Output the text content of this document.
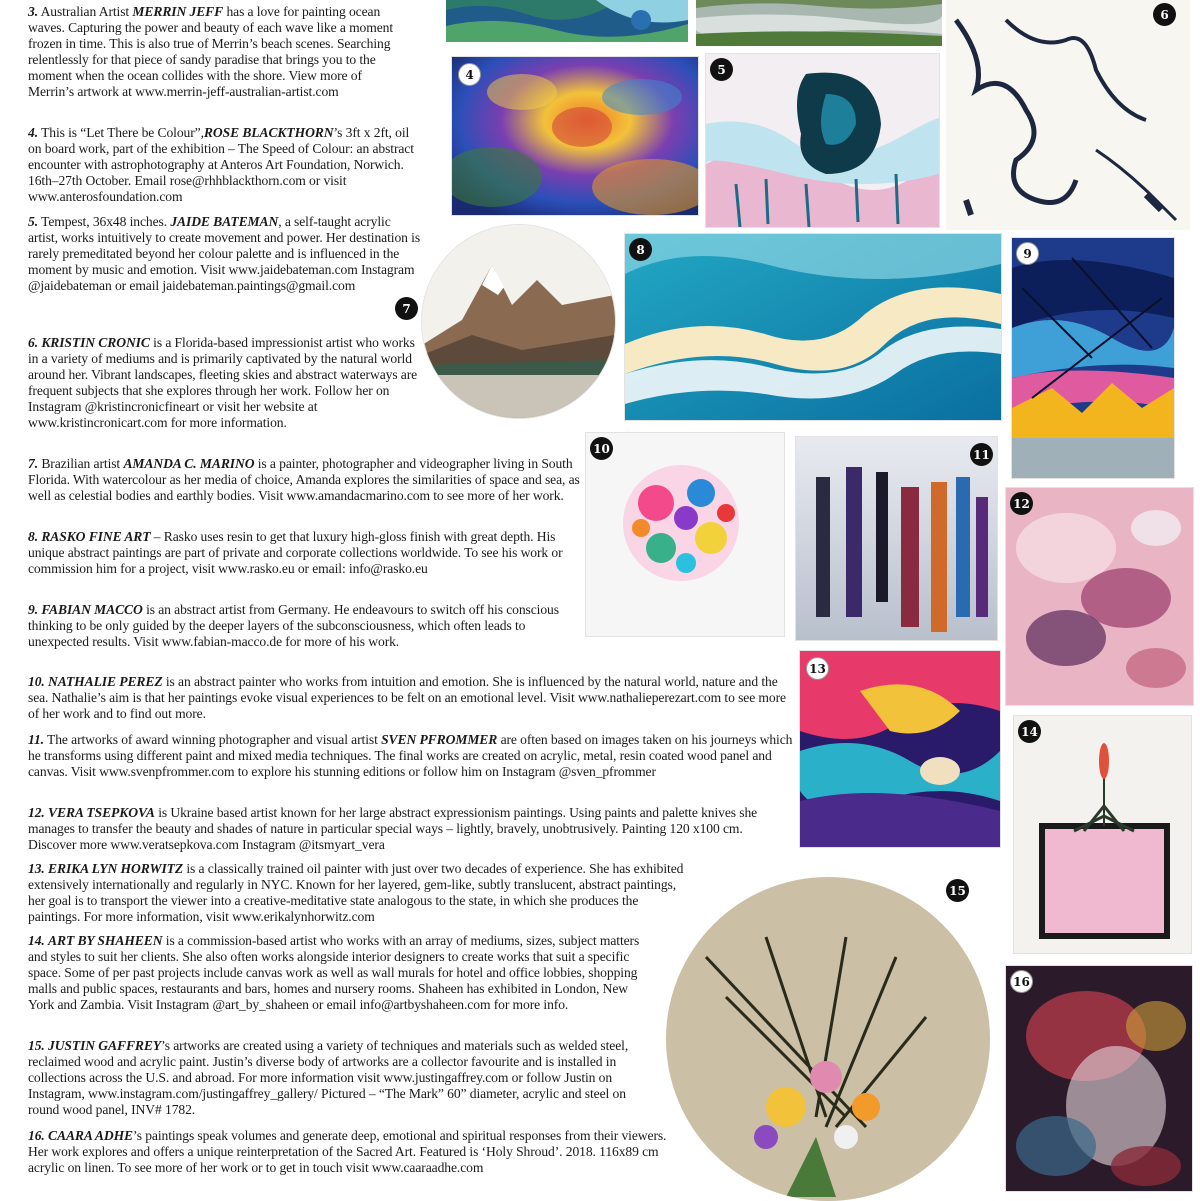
3. Australian Artist MERRIN JEFF has a love for painting ocean waves. Capturing the power and beauty of each wave like a moment frozen in time. This is also true of Merrin’s beach scenes. Searching relentlessly for that piece of sandy paradise that brings you to the moment when the ocean collides with the shore. View more of Merrin’s artwork at www.merrin-jeff-australian-artist.com

4. This is “Let There be Colour”,ROSE BLACKTHORN’s 3ft x 2ft, oil on board work, part of the exhibition – The Speed of Colour: an abstract encounter with astrophotography at Anteros Art Foundation, Norwich. 16th–27th October. Email rose@rhhblackthorn.com or visit www.anterosfoundation.com

5. Tempest, 36x48 inches. JAIDE BATEMAN, a self-taught acrylic artist, works intuitively to create movement and power. Her destination is rarely premeditated beyond her colour palette and is influenced in the moment by music and emotion. Visit www.jaidebateman.com Instagram @jaidebateman or email jaidebateman.paintings@gmail.com

6. KRISTIN CRONIC is a Florida-based impressionist artist who works in a variety of mediums and is primarily captivated by the natural world around her. Vibrant landscapes, fleeting skies and abstract waterways are frequent subjects that she explores through her work. Follow her on Instagram @kristincronicfineart or visit her website at www.kristincronicart.com for more information.

7. Brazilian artist AMANDA C. MARINO is a painter, photographer and videographer living in South Florida. With watercolour as her media of choice, Amanda explores the similarities of space and sea, as well as celestial bodies and earthly bodies. Visit www.amandacmarino.com to see more of her work.

8. RASKO FINE ART – Rasko uses resin to get that luxury high-gloss finish with great depth. His unique abstract paintings are part of private and corporate collections worldwide. To see his work or commission him for a project, visit www.rasko.eu or email: info@rasko.eu

9. FABIAN MACCO is an abstract artist from Germany. He endeavours to switch off his conscious thinking to be only guided by the deeper layers of the subconsciousness, which often leads to unexpected results. Visit www.fabian-macco.de for more of his work.

10. NATHALIE PEREZ is an abstract painter who works from intuition and emotion. She is influenced by the natural world, nature and the sea. Nathalie’s aim is that her paintings evoke visual experiences to be felt on an emotional level. Visit www.nathalieperezart.com to see more of her work and to find out more.

11. The artworks of award winning photographer and visual artist SVEN PFROMMER are often based on images taken on his journeys which he transforms using different paint and mixed media techniques. The final works are created on acrylic, metal, resin coated wood panel and canvas. Visit www.svenpfrommer.com to explore his stunning editions or follow him on Instagram @sven_pfrommer

12. VERA TSEPKOVA is Ukraine based artist known for her large abstract expressionism paintings. Using paints and palette knives she manages to transfer the beauty and shades of nature in particular special ways – lightly, bravely, unobtrusively. Painting 120 x100 cm. Discover more www.veratsepkova.com Instagram @itsmyart_vera

13. ERIKA LYN HORWITZ is a classically trained oil painter with just over two decades of experience. She has exhibited extensively internationally and regularly in NYC. Known for her layered, gem-like, subtly translucent, abstract paintings, her goal is to transport the viewer into a creative-meditative state analogous to the state, in which she produces the paintings. For more information, visit www.erikalynhorwitz.com

14. ART BY SHAHEEN is a commission-based artist who works with an array of mediums, sizes, subject matters and styles to suit her clients. She also often works alongside interior designers to create works that suit a specific space. Some of per past projects include canvas work as well as wall murals for hotel and office lobbies, shopping malls and public spaces, restaurants and bars, homes and nursery rooms. Shaheen has exhibited in London, New York and Zambia. Visit Instagram @art_by_shaheen or email info@artbyshaheen.com for more info.

15. JUSTIN GAFFREY’s artworks are created using a variety of techniques and materials such as welded steel, reclaimed wood and acrylic paint. Justin’s diverse body of artworks are a collector favourite and is installed in collections across the U.S. and abroad. For more information visit www.justingaffrey.com or follow Justin on Instagram, www.instagram.com/justingaffrey_gallery/ Pictured – “The Mark” 60” diameter, acrylic and steel on round wood panel, INV# 1782.

16. CAARA ADHE’s paintings speak volumes and generate deep, emotional and spiritual responses from their viewers. Her work explores and offers a unique reinterpretation of the Sacred Art. Featured is ‘Holy Shroud’. 2018. 116x89 cm acrylic on linen. To see more of her work or to get in touch visit www.caaraadhe.com

4	5
6
7
8	9
10	11
12
13
14
15
16
